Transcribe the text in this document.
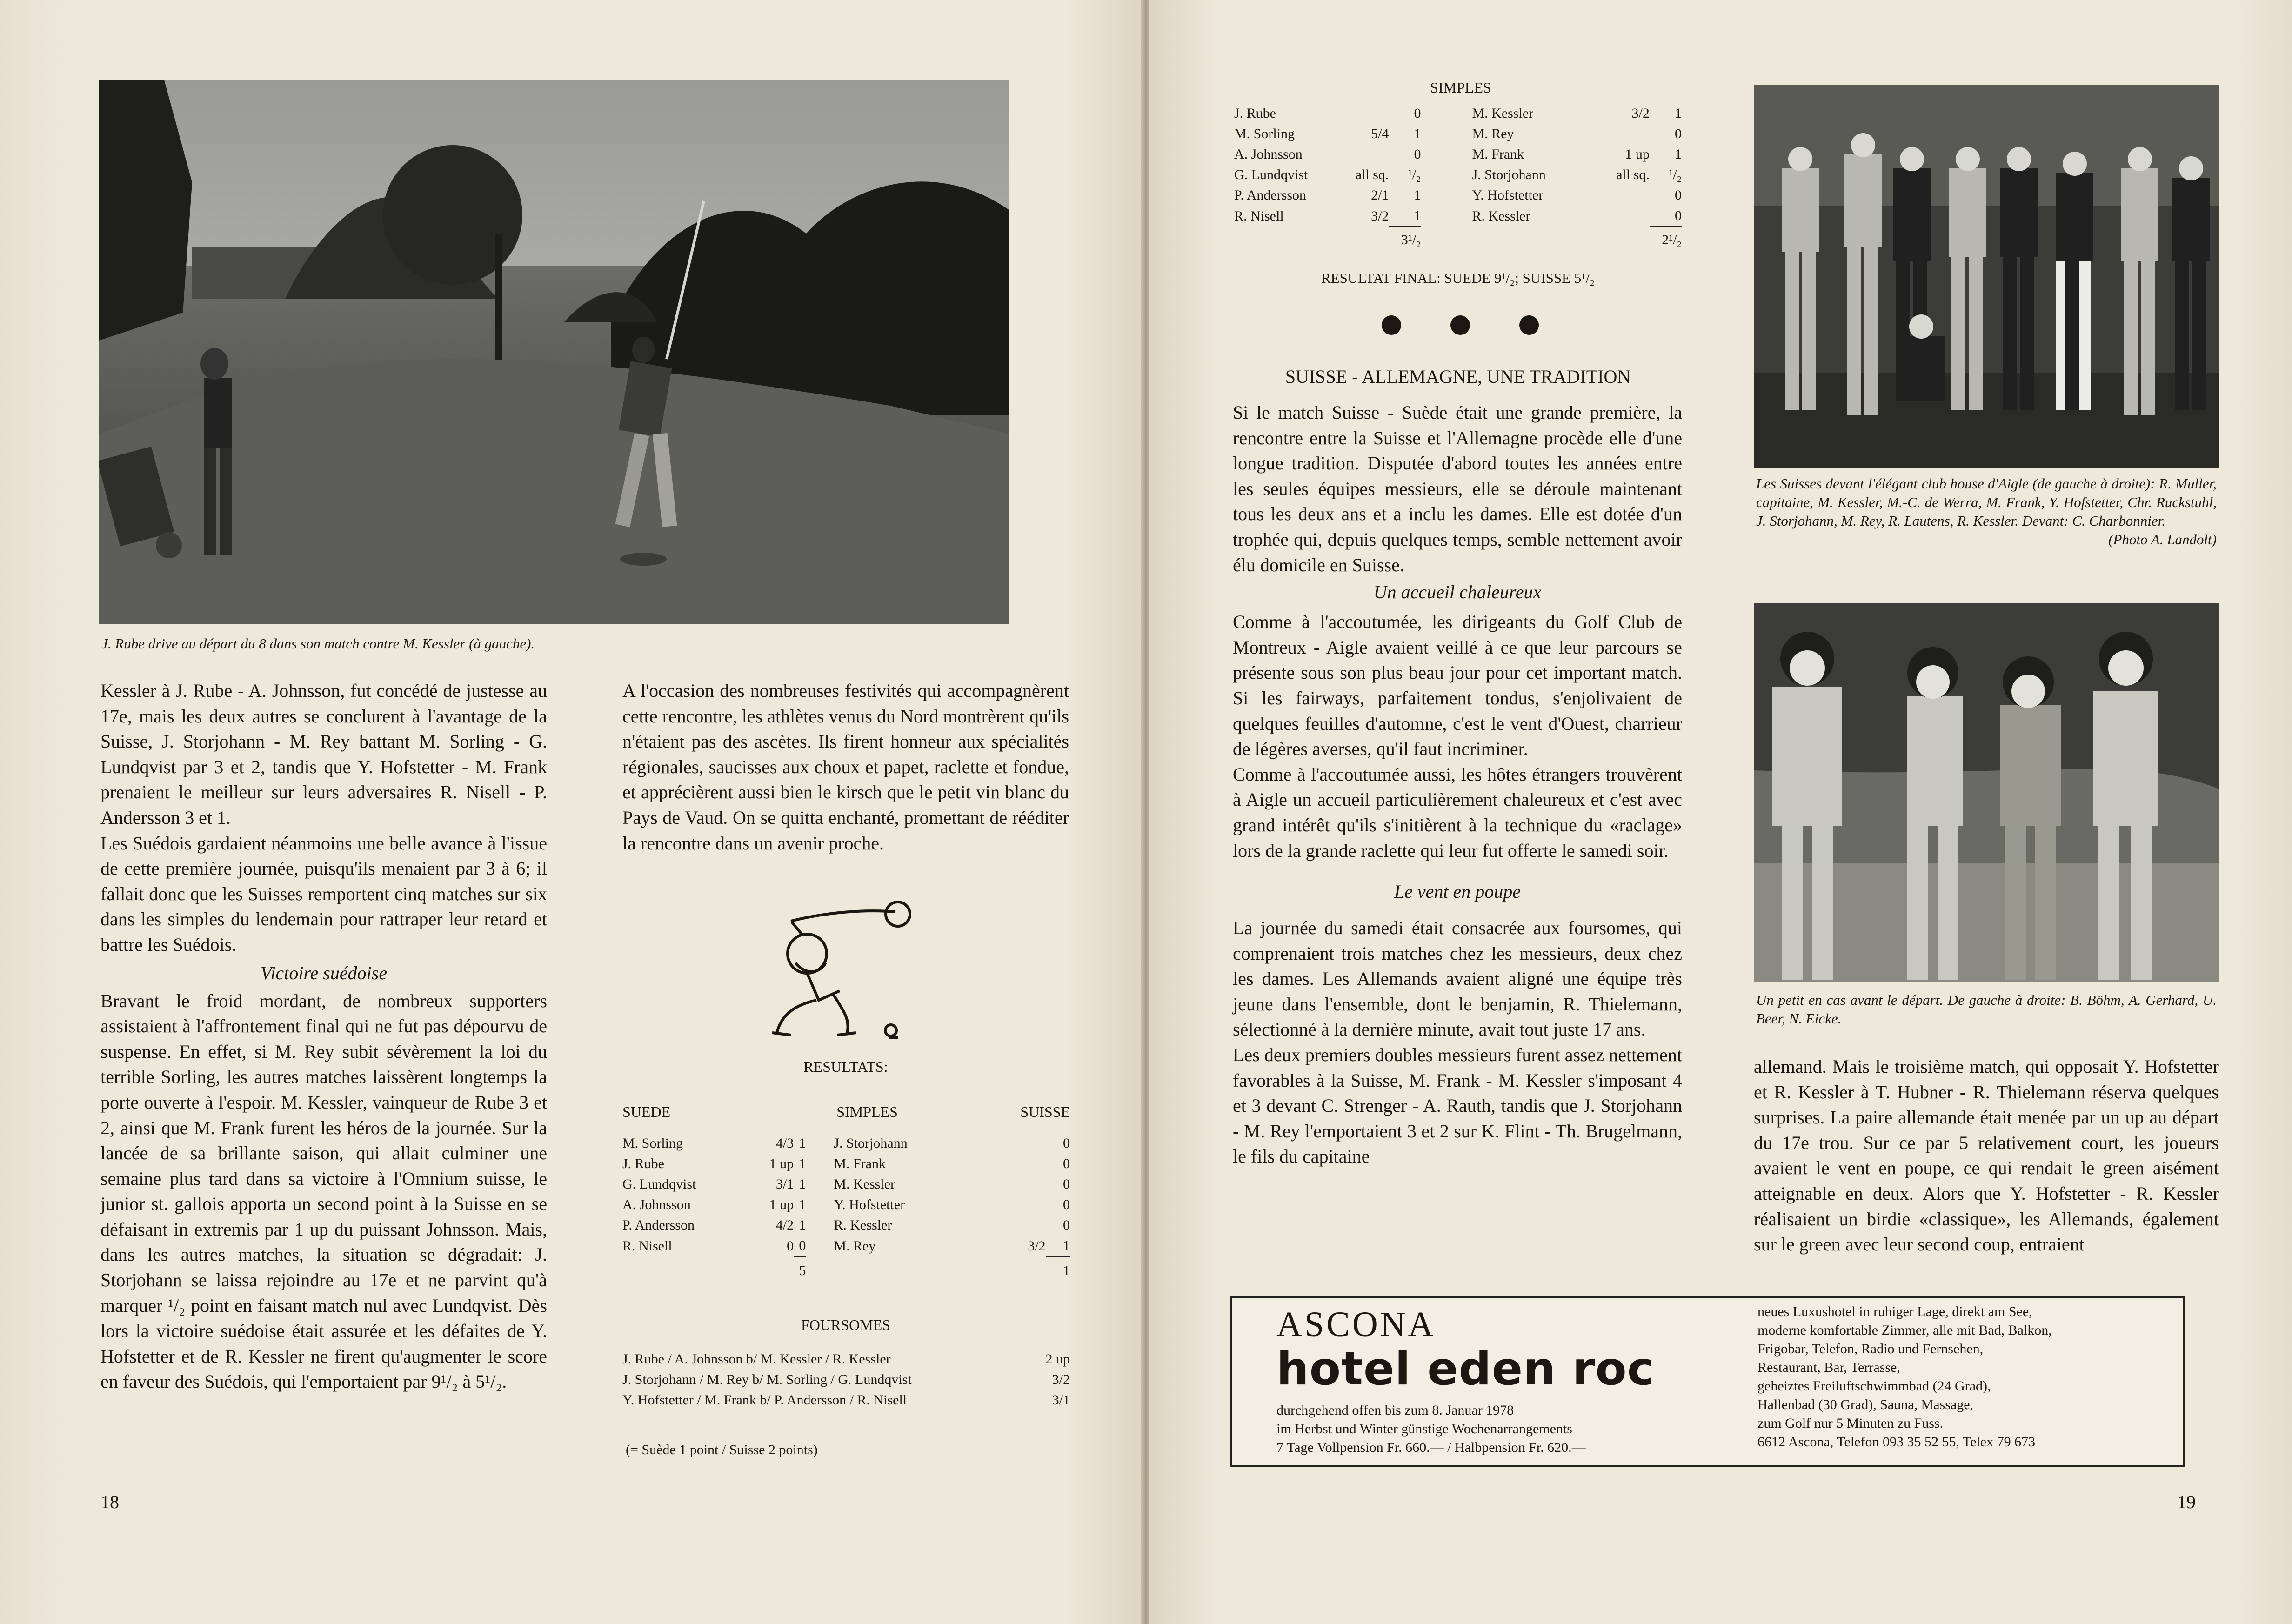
J. Rube drive au départ du 8 dans son match contre M. Kessler (à gauche).

Kessler à J. Rube - A. Johnsson, fut concédé de justesse au 17e, mais les deux autres se conclurent à l'avantage de la Suisse, J. Storjohann - M. Rey battant M. Sorling - G. Lundqvist par 3 et 2, tandis que Y. Hofstetter - M. Frank prenaient le meilleur sur leurs adversaires R. Nisell - P. Andersson 3 et 1.

Les Suédois gardaient néanmoins une belle avance à l'issue de cette première journée, puisqu'ils menaient par 3 à 6; il fallait donc que les Suisses remportent cinq matches sur six dans les simples du lendemain pour rattraper leur retard et battre les Suédois.

Victoire suédoise

Bravant le froid mordant, de nombreux supporters assistaient à l'affrontement final qui ne fut pas dépourvu de suspense. En effet, si M. Rey subit sévèrement la loi du terrible Sorling, les autres matches laissèrent longtemps la porte ouverte à l'espoir. M. Kessler, vainqueur de Rube 3 et 2, ainsi que M. Frank furent les héros de la journée. Sur la lancée de sa brillante saison, qui allait culminer une semaine plus tard dans sa victoire à l'Omnium suisse, le junior st. gallois apporta un second point à la Suisse en se défaisant in extremis par 1 up du puissant Johnsson. Mais, dans les autres matches, la situation se dégradait: J. Storjohann se laissa rejoindre au 17e et ne parvint qu'à marquer ¹/₂ point en faisant match nul avec Lundqvist. Dès lors la victoire suédoise était assurée et les défaites de Y. Hofstetter et de R. Kessler ne firent qu'augmenter le score en faveur des Suédois, qui l'emportaient par 9¹/₂ à 5¹/₂.

A l'occasion des nombreuses festivités qui accompagnèrent cette rencontre, les athlètes venus du Nord montrèrent qu'ils n'étaient pas des ascètes. Ils firent honneur aux spécialités régionales, saucisses aux choux et papet, raclette et fondue, et apprécièrent aussi bien le kirsch que le petit vin blanc du Pays de Vaud. On se quitta enchanté, promettant de rééditer la rencontre dans un avenir proche.

RESULTATS:
SUEDE	SIMPLES			SUISSE	
M. Sorling	4/3	1	J. Storjohann		0
J. Rube	1 up	1	M. Frank		0
G. Lundqvist	3/1	1	M. Kessler		0
A. Johnsson	1 up	1	Y. Hofstetter		0
P. Andersson	4/2	1	R. Kessler		0
R. Nisell	0	0	M. Rey	3/2	1
		5			1
FOURSOMES
J. Rube / A. Johnsson b/ M. Kessler / R. Kessler	2 up
J. Storjohann / M. Rey b/ M. Sorling / G. Lundqvist	3/2
Y. Hofstetter / M. Frank b/ P. Andersson / R. Nisell	3/1
(= Suède 1 point / Suisse 2 points)
18
SIMPLES
J. Rube		0	M. Kessler	3/2	1
M. Sorling	5/4	1	M. Rey		0
A. Johnsson		0	M. Frank	1 up	1
G. Lundqvist	all sq.	¹/₂	J. Storjohann	all sq.	¹/₂
P. Andersson	2/1	1	Y. Hofstetter		0
R. Nisell	3/2	1	R. Kessler		0
		3¹/₂			2¹/₂
RESULTAT FINAL: SUEDE 9¹/₂; SUISSE 5¹/₂
SUISSE - ALLEMAGNE, UNE TRADITION

Si le match Suisse - Suède était une grande première, la rencontre entre la Suisse et l'Allemagne procède elle d'une longue tradition. Disputée d'abord toutes les années entre les seules équipes messieurs, elle se déroule maintenant tous les deux ans et a inclu les dames. Elle est dotée d'un trophée qui, depuis quelques temps, semble nettement avoir élu domicile en Suisse.

Un accueil chaleureux

Comme à l'accoutumée, les dirigeants du Golf Club de Montreux - Aigle avaient veillé à ce que leur parcours se présente sous son plus beau jour pour cet important match. Si les fairways, parfaitement tondus, s'enjolivaient de quelques feuilles d'automne, c'est le vent d'Ouest, charrieur de légères averses, qu'il faut incriminer.

Comme à l'accoutumée aussi, les hôtes étrangers trouvèrent à Aigle un accueil particulièrement chaleureux et c'est avec grand intérêt qu'ils s'initièrent à la technique du «raclage» lors de la grande raclette qui leur fut offerte le samedi soir.

Le vent en poupe

La journée du samedi était consacrée aux foursomes, qui comprenaient trois matches chez les messieurs, deux chez les dames. Les Allemands avaient aligné une équipe très jeune dans l'ensemble, dont le benjamin, R. Thielemann, sélectionné à la dernière minute, avait tout juste 17 ans.

Les deux premiers doubles messieurs furent assez nettement favorables à la Suisse, M. Frank - M. Kessler s'imposant 4 et 3 devant C. Strenger - A. Rauth, tandis que J. Storjohann - M. Rey l'emportaient 3 et 2 sur K. Flint - Th. Brugelmann, le fils du capitaine

Les Suisses devant l'élégant club house d'Aigle (de gauche à droite): R. Muller, capitaine, M. Kessler, M.-C. de Werra, M. Frank, Y. Hofstetter, Chr. Ruckstuhl, J. Storjohann, M. Rey, R. Lautens, R. Kessler. Devant: C. Charbonnier.
(Photo A. Landolt)

Un petit en cas avant le départ. De gauche à droite: B. Böhm, A. Gerhard, U. Beer, N. Eicke.

allemand. Mais le troisième match, qui opposait Y. Hofstetter et R. Kessler à T. Hubner - R. Thielemann réserva quelques surprises. La paire allemande était menée par un up au départ du 17e trou. Sur ce par 5 relativement court, les joueurs avaient le vent en poupe, ce qui rendait le green aisément atteignable en deux. Alors que Y. Hofstetter - R. Kessler réalisaient un birdie «classique», les Allemands, également sur le green avec leur second coup, entraient

ASCONA
hotel eden roc
durchgehend offen bis zum 8. Januar 1978
im Herbst und Winter günstige Wochenarrangements
7 Tage Vollpension Fr. 660.— / Halbpension Fr. 620.—
neues Luxushotel in ruhiger Lage, direkt am See,
moderne komfortable Zimmer, alle mit Bad, Balkon,
Frigobar, Telefon, Radio und Fernsehen,
Restaurant, Bar, Terrasse,
geheiztes Freiluftschwimmbad (24 Grad),
Hallenbad (30 Grad), Sauna, Massage,
zum Golf nur 5 Minuten zu Fuss.
6612 Ascona, Telefon 093 35 52 55, Telex 79 673
19
